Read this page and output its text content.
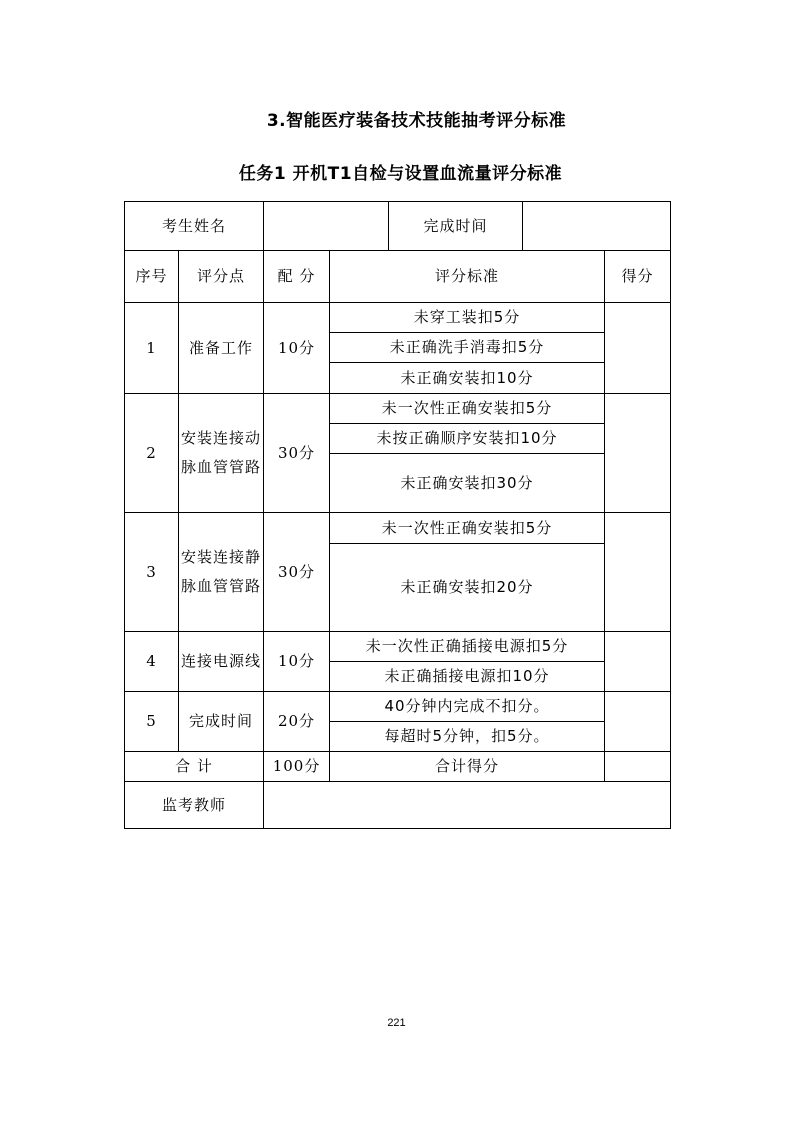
3.智能医疗装备技术技能抽考评分标准
任务1 开机T1自检与设置血流量评分标准
考生姓名				完成时间		
序号	评分点	配 分	评分标准			得分
1	准备工作	10分	未穿工装扣5分			
			未正确洗手消毒扣5分			
			未正确安装扣10分			
2	安装连接动脉血管管路	30分	未一次性正确安装扣5分			
			未按正确顺序安装扣10分			
			未正确安装扣30分			
3	安装连接静脉血管管路	30分	未一次性正确安装扣5分			
			未正确安装扣20分			
4	连接电源线	10分	未一次性正确插接电源扣5分			
			未正确插接电源扣10分			
5	完成时间	20分	40分钟内完成不扣分。			
			每超时5分钟，扣5分。			
合 计		100分	合计得分			
监考教师						
221
